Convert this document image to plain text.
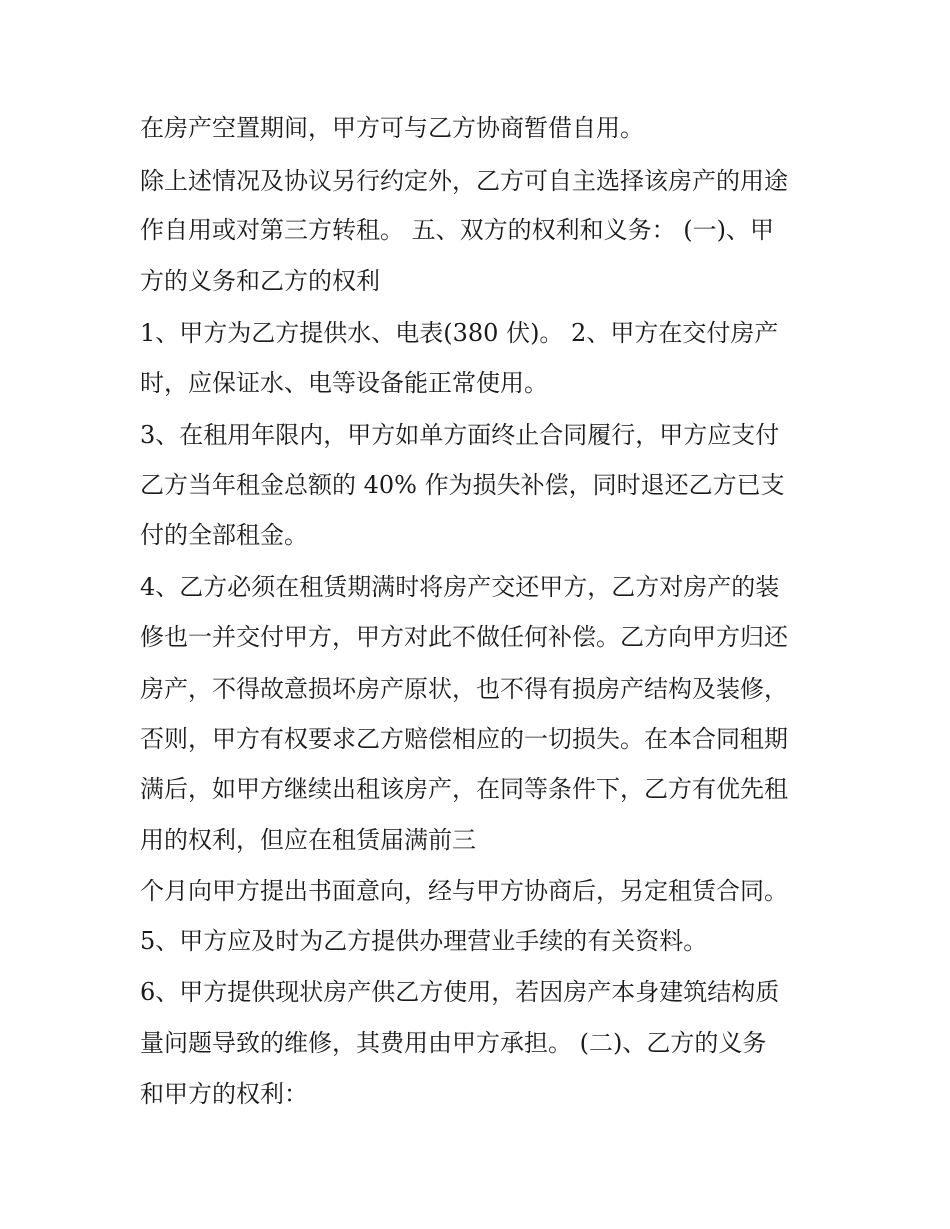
在房产空置期间，甲方可与乙方协商暂借自用。
除上述情况及协议另行约定外，乙方可自主选择该房产的用途
作自用或对第三方转租。 五、双方的权利和义务： (一)、甲
方的义务和乙方的权利
1、甲方为乙方提供水、电表(380 伏)。 2、甲方在交付房产
时，应保证水、电等设备能正常使用。
3、在租用年限内，甲方如单方面终止合同履行，甲方应支付
乙方当年租金总额的 40% 作为损失补偿，同时退还乙方已支
付的全部租金。
4、乙方必须在租赁期满时将房产交还甲方，乙方对房产的装
修也一并交付甲方，甲方对此不做任何补偿。乙方向甲方归还
房产，不得故意损坏房产原状，也不得有损房产结构及装修，
否则，甲方有权要求乙方赔偿相应的一切损失。在本合同租期
满后，如甲方继续出租该房产，在同等条件下，乙方有优先租
用的权利，但应在租赁届满前三
个月向甲方提出书面意向，经与甲方协商后，另定租赁合同。
5、甲方应及时为乙方提供办理营业手续的有关资料。
6、甲方提供现状房产供乙方使用，若因房产本身建筑结构质
量问题导致的维修，其费用由甲方承担。 (二)、乙方的义务
和甲方的权利：
